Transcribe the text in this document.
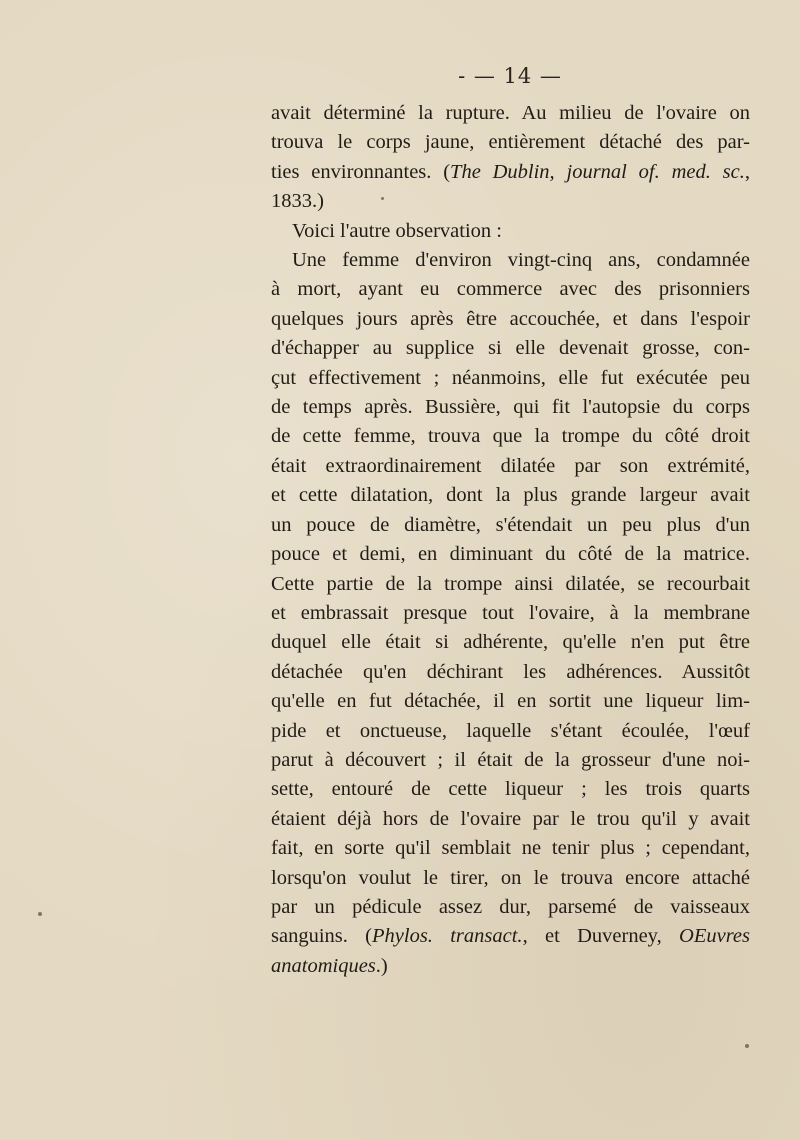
- — 14 —

avait déterminé la rupture. Au milieu de l'ovaire on
trouva le corps jaune, entièrement détaché des par-
ties environnantes. (The Dublin, journal of. med. sc.,
1833.)

Voici l'autre observation :

Une femme d'environ vingt-cinq ans, condamnée
à mort, ayant eu commerce avec des prisonniers
quelques jours après être accouchée, et dans l'espoir
d'échapper au supplice si elle devenait grosse, con-
çut effectivement ; néanmoins, elle fut exécutée peu
de temps après. Bussière, qui fit l'autopsie du corps
de cette femme, trouva que la trompe du côté droit
était extraordinairement dilatée par son extrémité,
et cette dilatation, dont la plus grande largeur avait
un pouce de diamètre, s'étendait un peu plus d'un
pouce et demi, en diminuant du côté de la matrice.
Cette partie de la trompe ainsi dilatée, se recourbait
et embrassait presque tout l'ovaire, à la membrane
duquel elle était si adhérente, qu'elle n'en put être
détachée qu'en déchirant les adhérences. Aussitôt
qu'elle en fut détachée, il en sortit une liqueur lim-
pide et onctueuse, laquelle s'étant écoulée, l'œuf
parut à découvert ; il était de la grosseur d'une noi-
sette, entouré de cette liqueur ; les trois quarts
étaient déjà hors de l'ovaire par le trou qu'il y avait
fait, en sorte qu'il semblait ne tenir plus ; cependant,
lorsqu'on voulut le tirer, on le trouva encore attaché
par un pédicule assez dur, parsemé de vaisseaux
sanguins. (Phylos. transact., et Duverney, OEuvres
anatomiques.)
